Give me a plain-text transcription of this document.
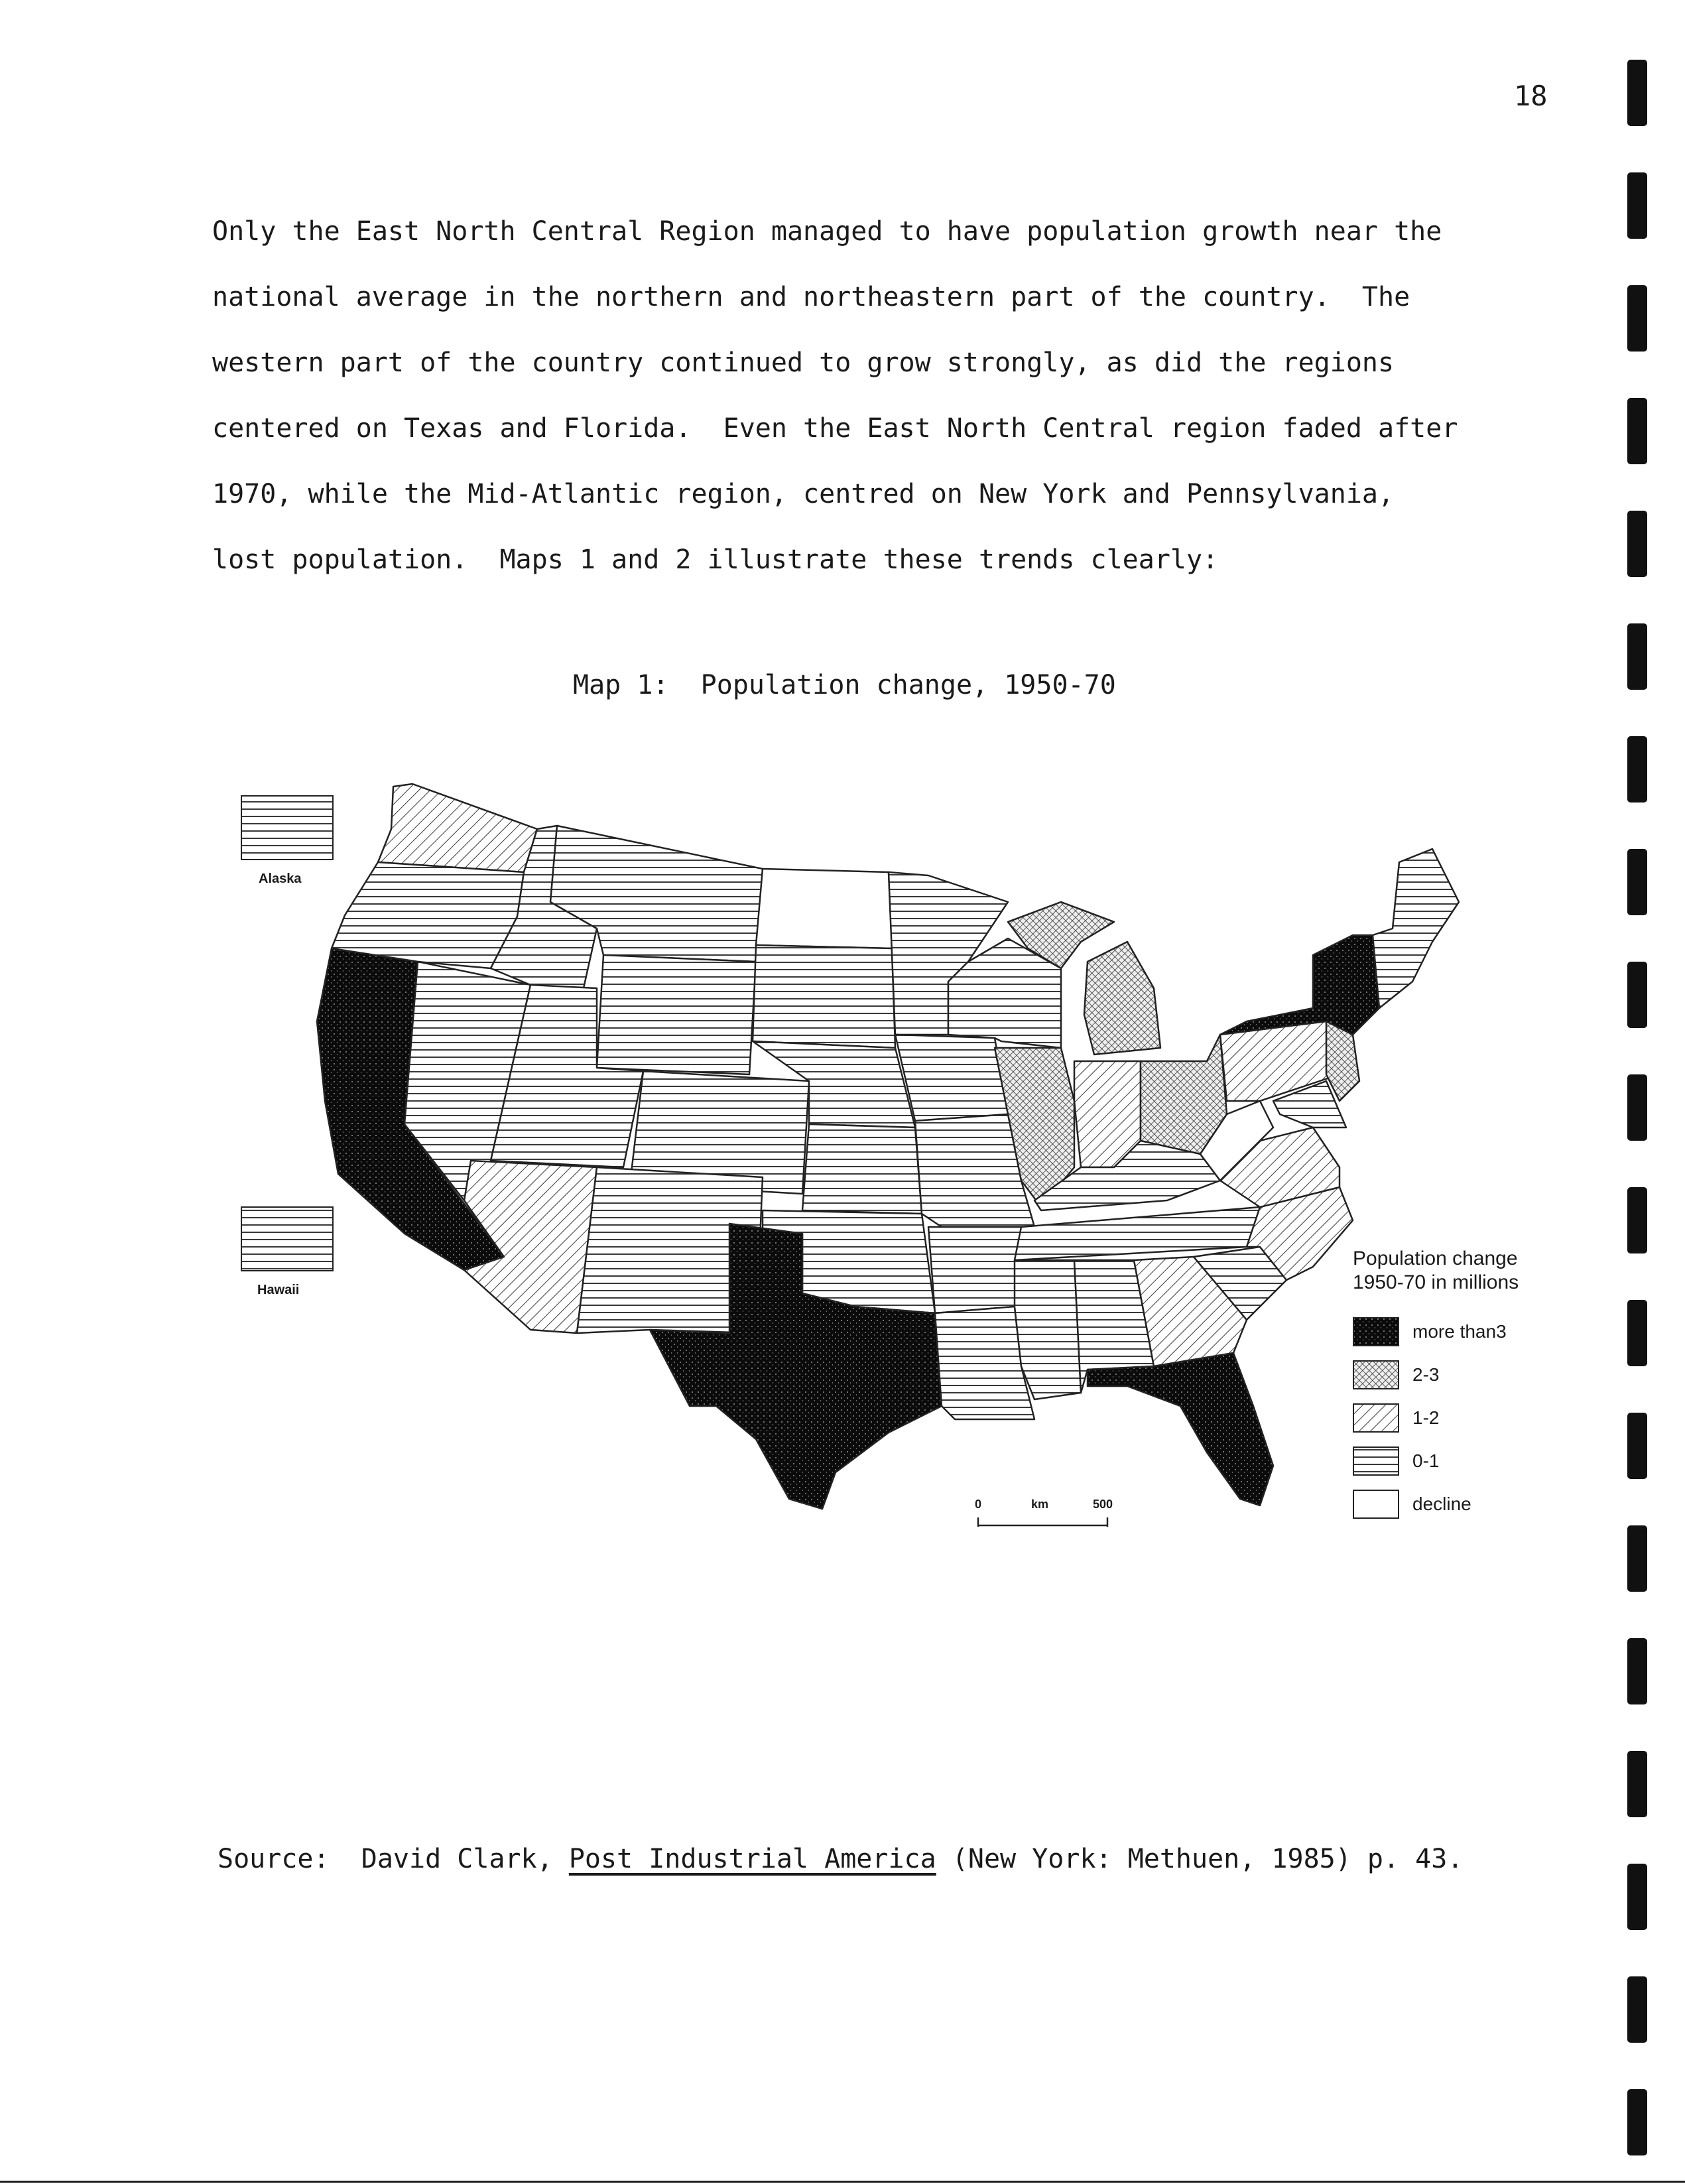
18

Only the East North Central Region managed to have population growth near the
national average in the northern and northeastern part of the country.  The
western part of the country continued to grow strongly, as did the regions
centered on Texas and Florida.  Even the East North Central region faded after
1970, while the Mid-Atlantic region, centred on New York and Pennsylvania,
lost population.  Maps 1 and 2 illustrate these trends clearly:

Map 1:  Population change, 1950-70
Alaska
Hawaii
0	km	500
Population change
1950-70 in millions
more than3
2-3
1-2
0-1
decline
Source:  David Clark, Post Industrial America (New York: Methuen, 1985) p. 43.
